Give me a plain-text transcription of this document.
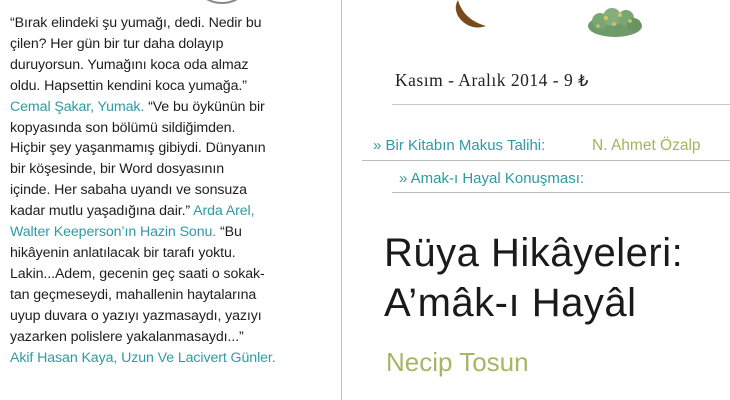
“Bırak elindeki şu yumağı, dedi. Nedir bu
çilen? Her gün bir tur daha dolayıp
duruyorsun. Yumağını koca oda almaz
oldu. Hapsettin kendini koca yumağa.”
Cemal Şakar, Yumak. “Ve bu öykünün bir
kopyasında son bölümü sildiğimden.
Hiçbir şey yaşanmamış gibiydi. Dünyanın
bir köşesinde, bir Word dosyasının
içinde. Her sabaha uyandı ve sonsuza
kadar mutlu yaşadığına dair.” Arda Arel,
Walter Keeperson’ın Hazin Sonu. “Bu
hikâyenin anlatılacak bir tarafı yoktu.
Lakin...Adem, gecenin geç saati o sokak-
tan geçmeseydi, mahallenin haytalarına
uyup duvara o yazıyı yazmasaydı, yazıyı
yazarken polislere yakalanmasaydı...”
Akif Hasan Kaya, Uzun Ve Lacivert Günler.
Kasım - Aralık 2014 - 9 ₺
» Bir Kitabın Makus Talihi:	N. Ahmet Özalp
» Amak-ı Hayal Konuşması:
Rüya Hikâyeleri:
A’mâk-ı Hayâl
Necip Tosun
